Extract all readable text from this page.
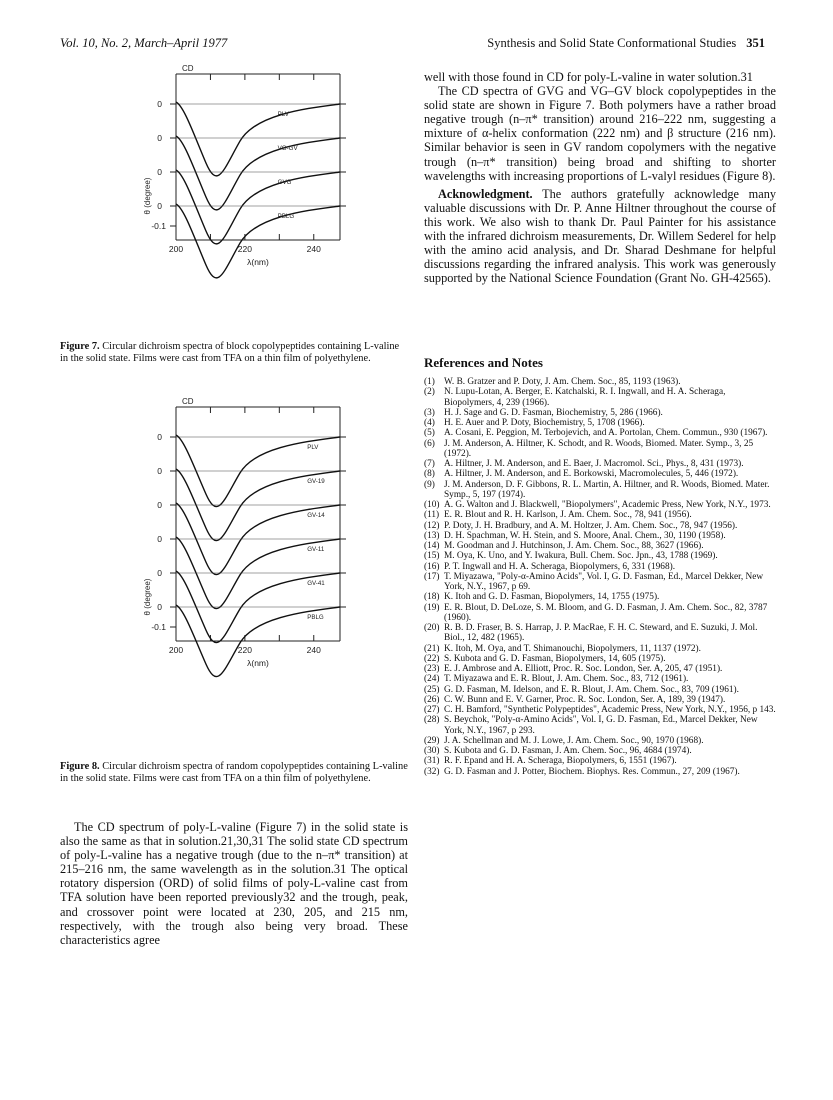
Vol. 10, No. 2, March–April 1977	Synthesis and Solid State Conformational Studies 351
CD
200	220	240
λ(nm)
0
PLV
0
VG-GV
0
GVG
0
PBLG
-0.1
θ (degree)
Figure 7. Circular dichroism spectra of block copolypeptides containing L-valine in the solid state. Films were cast from TFA on a thin film of polyethylene.
CD
200	220	240
λ(nm)
0
PLV
0
GV-19
0
GV-14
0
GV-11
0
GV-41
0
PBLG
-0.1
θ (degree)
Figure 8. Circular dichroism spectra of random copolypeptides containing L-valine in the solid state. Films were cast from TFA on a thin film of polyethylene.

The CD spectrum of poly-L-valine (Figure 7) in the solid state is also the same as that in solution.21,30,31 The solid state CD spectrum of poly-L-valine has a negative trough (due to the n–π* transition) at 215–216 nm, the same wavelength as in the solution.31 The optical rotatory dispersion (ORD) of solid films of poly-L-valine cast from TFA solution have been reported previously32 and the trough, peak, and crossover point were located at 230, 205, and 215 nm, respectively, with the trough also being very broad. These characteristics agree

well with those found in CD for poly-L-valine in water solution.31

The CD spectra of GVG and VG–GV block copolypeptides in the solid state are shown in Figure 7. Both polymers have a rather broad negative trough (n–π* transition) around 216–222 nm, suggesting a mixture of α-helix conformation (222 nm) and β structure (216 nm). Similar behavior is seen in GV random copolymers with the negative trough (n–π* transition) being broad and shifting to shorter wavelengths with increasing proportions of L-valyl residues (Figure 8).

Acknowledgment. The authors gratefully acknowledge many valuable discussions with Dr. P. Anne Hiltner throughout the course of this work. We also wish to thank Dr. Paul Painter for his assistance with the infrared dichroism measurements, Dr. Willem Sederel for help with the amino acid analysis, and Dr. Sharad Deshmane for helpful discussions regarding the infrared analysis. This work was generously supported by the National Science Foundation (Grant No. GH-42565).

References and Notes
(1) W. B. Gratzer and P. Doty, J. Am. Chem. Soc., 85, 1193 (1963).
(2) N. Lupu-Lotan, A. Berger, E. Katchalski, R. I. Ingwall, and H. A. Scheraga, Biopolymers, 4, 239 (1966).
(3) H. J. Sage and G. D. Fasman, Biochemistry, 5, 286 (1966).
(4) H. E. Auer and P. Doty, Biochemistry, 5, 1708 (1966).
(5) A. Cosani, E. Peggion, M. Terbojevich, and A. Portolan, Chem. Commun., 930 (1967).
(6) J. M. Anderson, A. Hiltner, K. Schodt, and R. Woods, Biomed. Mater. Symp., 3, 25 (1972).
(7) A. Hiltner, J. M. Anderson, and E. Baer, J. Macromol. Sci., Phys., 8, 431 (1973).
(8) A. Hiltner, J. M. Anderson, and E. Borkowski, Macromolecules, 5, 446 (1972).
(9) J. M. Anderson, D. F. Gibbons, R. L. Martin, A. Hiltner, and R. Woods, Biomed. Mater. Symp., 5, 197 (1974).
(10) A. G. Walton and J. Blackwell, "Biopolymers", Academic Press, New York, N.Y., 1973.
(11) E. R. Blout and R. H. Karlson, J. Am. Chem. Soc., 78, 941 (1956).
(12) P. Doty, J. H. Bradbury, and A. M. Holtzer, J. Am. Chem. Soc., 78, 947 (1956).
(13) D. H. Spachman, W. H. Stein, and S. Moore, Anal. Chem., 30, 1190 (1958).
(14) M. Goodman and J. Hutchinson, J. Am. Chem. Soc., 88, 3627 (1966).
(15) M. Oya, K. Uno, and Y. Iwakura, Bull. Chem. Soc. Jpn., 43, 1788 (1969).
(16) P. T. Ingwall and H. A. Scheraga, Biopolymers, 6, 331 (1968).
(17) T. Miyazawa, "Poly-α-Amino Acids", Vol. I, G. D. Fasman, Ed., Marcel Dekker, New York, N.Y., 1967, p 69.
(18) K. Itoh and G. D. Fasman, Biopolymers, 14, 1755 (1975).
(19) E. R. Blout, D. DeLoze, S. M. Bloom, and G. D. Fasman, J. Am. Chem. Soc., 82, 3787 (1960).
(20) R. B. D. Fraser, B. S. Harrap, J. P. MacRae, F. H. C. Steward, and E. Suzuki, J. Mol. Biol., 12, 482 (1965).
(21) K. Itoh, M. Oya, and T. Shimanouchi, Biopolymers, 11, 1137 (1972).
(22) S. Kubota and G. D. Fasman, Biopolymers, 14, 605 (1975).
(23) E. J. Ambrose and A. Elliott, Proc. R. Soc. London, Ser. A, 205, 47 (1951).
(24) T. Miyazawa and E. R. Blout, J. Am. Chem. Soc., 83, 712 (1961).
(25) G. D. Fasman, M. Idelson, and E. R. Blout, J. Am. Chem. Soc., 83, 709 (1961).
(26) C. W. Bunn and E. V. Garner, Proc. R. Soc. London, Ser. A, 189, 39 (1947).
(27) C. H. Bamford, "Synthetic Polypeptides", Academic Press, New York, N.Y., 1956, p 143.
(28) S. Beychok, "Poly-α-Amino Acids", Vol. I, G. D. Fasman, Ed., Marcel Dekker, New York, N.Y., 1967, p 293.
(29) J. A. Schellman and M. J. Lowe, J. Am. Chem. Soc., 90, 1970 (1968).
(30) S. Kubota and G. D. Fasman, J. Am. Chem. Soc., 96, 4684 (1974).
(31) R. F. Epand and H. A. Scheraga, Biopolymers, 6, 1551 (1967).
(32) G. D. Fasman and J. Potter, Biochem. Biophys. Res. Commun., 27, 209 (1967).
